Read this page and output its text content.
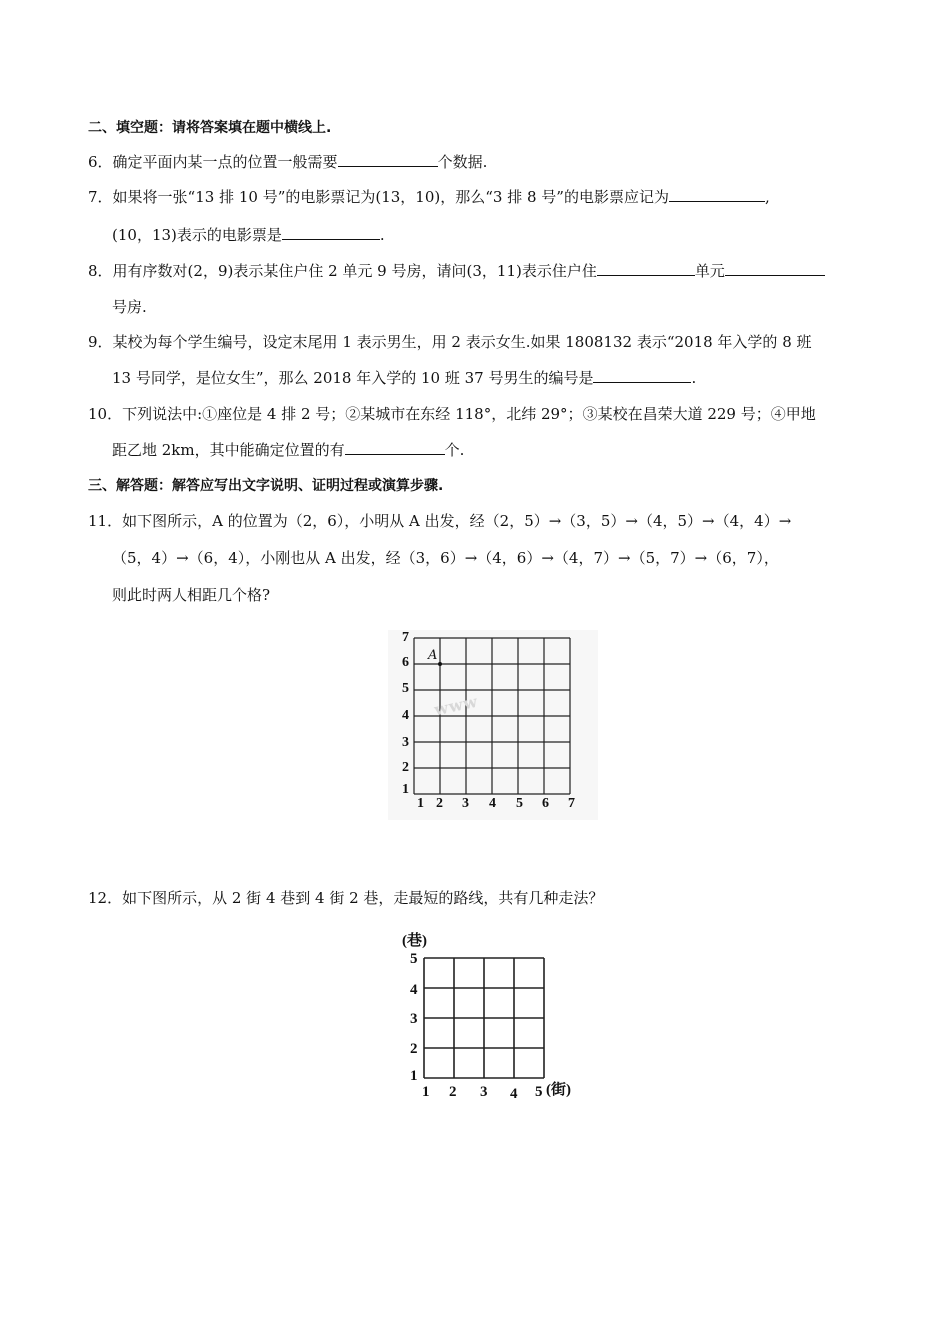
二、填空题：请将答案填在题中横线上.
6．确定平面内某一点的位置一般需要	个数据.
7．如果将一张“13 排 10 号”的电影票记为(13，10)，那么“3 排 8 号”的电影票应记为	,
(10，13)表示的电影票是	.
8．用有序数对(2，9)表示某住户住 2 单元 9 号房，请问(3，11)表示住户住	单元
号房.
9．某校为每个学生编号，设定末尾用 1 表示男生，用 2 表示女生.如果 1808132 表示“2018 年入学的 8 班
13 号同学，是位女生”，那么 2018 年入学的 10 班 37 号男生的编号是	.
10．下列说法中:①座位是 4 排 2 号；②某城市在东经 118°，北纬 29°；③某校在昌荣大道 229 号；④甲地
距乙地 2km，其中能确定位置的有	个.
三、解答题：解答应写出文字说明、证明过程或演算步骤.
11．如下图所示，A 的位置为（2，6），小明从 A 出发，经（2，5）→（3，5）→（4，5）→（4，4）→
（5，4）→（6，4），小刚也从 A 出发，经（3，6）→（4，6）→（4，7）→（5，7）→（6，7），
则此时两人相距几个格?
A
www
7
6
5
4
3
2
1
1 2 3 4 5 6 7
12．如下图所示，从 2 街 4 巷到 4 街 2 巷，走最短的路线，共有几种走法？
(巷)
5
4
3
2
1
1 2 3 4 5 (街)
